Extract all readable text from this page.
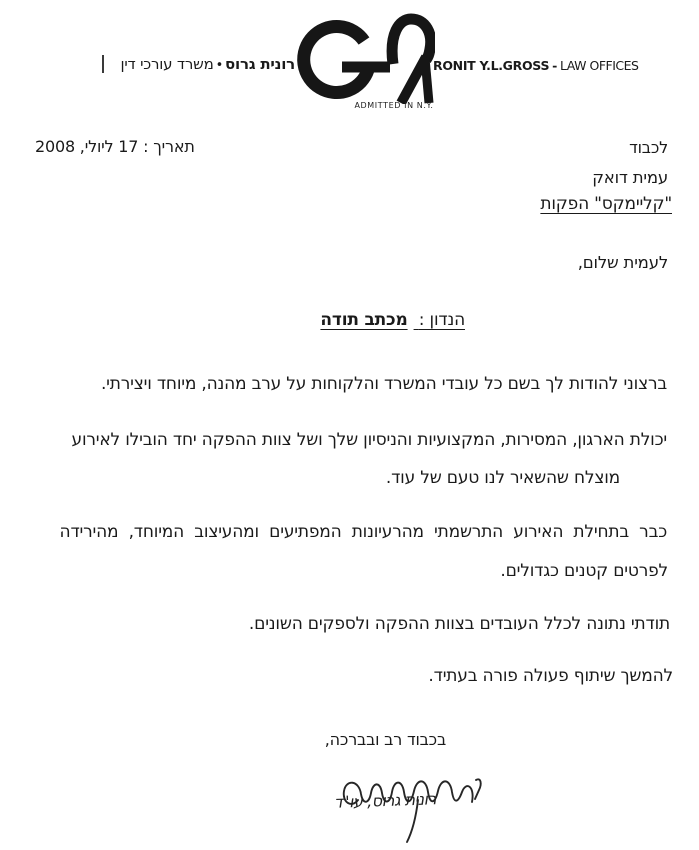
רונית גרוס•משרד עורכי דין
ADMITTED IN N.Y.
RONIT Y.L.GROSS - LAW OFFICES
לכבוד
תאריך : 17 ליולי, 2008
עמית דואק
"קליימקס" הפקות
לעמית שלום,
הנדון : מכתב תודה
ברצוני להודות לך בשם כל עובדי המשרד והלקוחות על ערב מהנה, מיוחד ויצירתי.
יכולת הארגון, המסירות, המקצועיות והניסיון שלך ושל צוות ההפקה יחד הובילו לאירוע
מוצלח שהשאיר לנו טעם של עוד.
כבר בתחילת האירוע התרשמתי מהרעיונות המפתיעים ומהעיצוב המיוחד, מהירידה
לפרטים קטנים כגדולים.
תודתי נתונה לכלל העובדים בצוות ההפקה ולספקים השונים.
להמשך שיתוף פעולה פורה בעתיד.
בכבוד רב ובברכה,
רונית גרוס, עו"ד
